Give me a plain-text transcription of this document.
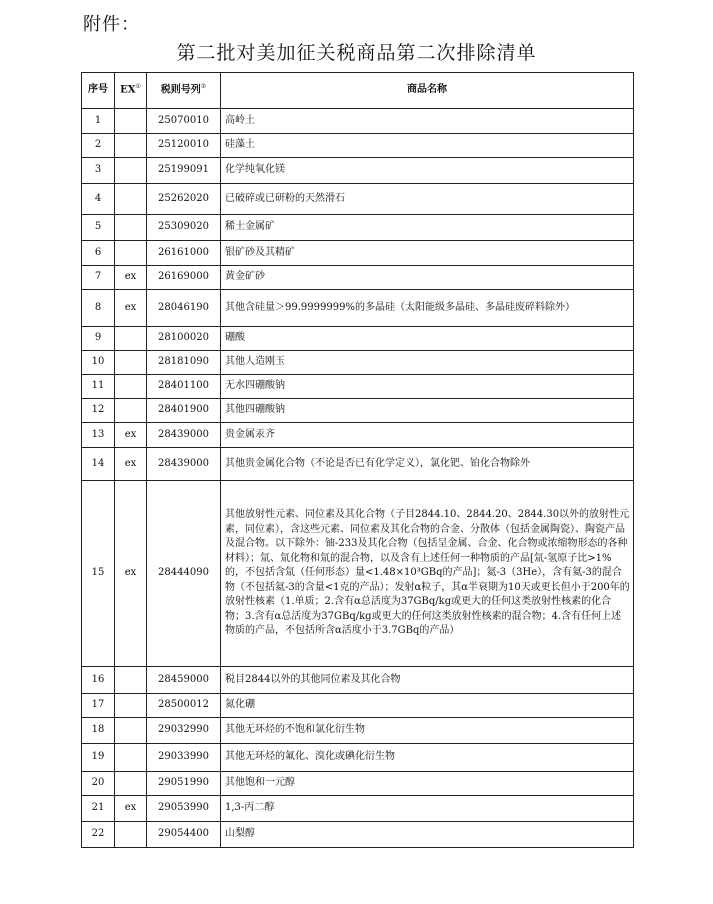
附件：
第二批对美加征关税商品第二次排除清单
序号	EX①	税则号列②	商品名称
1		25070010	高岭土
2		25120010	硅藻土
3		25199091	化学纯氧化镁
4		25262020	已破碎或已研粉的天然滑石
5		25309020	稀土金属矿
6		26161000	银矿砂及其精矿
7	ex	26169000	黄金矿砂
8	ex	28046190	其他含硅量＞99.9999999%的多晶硅（太阳能级多晶硅、多晶硅废碎料除外）
9		28100020	硼酸
10		28181090	其他人造刚玉
11		28401100	无水四硼酸钠
12		28401900	其他四硼酸钠
13	ex	28439000	贵金属汞齐
14	ex	28439000	其他贵金属化合物（不论是否已有化学定义），氯化钯、铂化合物除外
15	ex	28444090	其他放射性元素、同位素及其化合物（子目2844.10、2844.20、2844.30以外的放射性元素，同位素），含这些元素、同位素及其化合物的合金、分散体（包括金属陶瓷）、陶瓷产品及混合物。以下除外：铀-233及其化合物（包括呈金属、合金、化合物或浓缩物形态的各种材料）；氚、氚化物和氚的混合物，以及含有上述任何一种物质的产品[氚-氢原子比>1%的，不包括含氚（任何形态）量<1.48×10³GBq的产品]；氦-3（3He），含有氦-3的混合物（不包括氦-3的含量<1克的产品）；发射α粒子，其α半衰期为10天或更长但小于200年的放射性核素（1.单质；2.含有α总活度为37GBq/kg或更大的任何这类放射性核素的化合物；3.含有α总活度为37GBq/kg或更大的任何这类放射性核素的混合物；4.含有任何上述物质的产品，不包括所含α活度小于3.7GBq的产品）
16		28459000	税目2844以外的其他同位素及其化合物
17		28500012	氮化硼
18		29032990	其他无环烃的不饱和氯化衍生物
19		29033990	其他无环烃的氟化、溴化或碘化衍生物
20		29051990	其他饱和一元醇
21	ex	29053990	1,3-丙二醇
22		29054400	山梨醇
